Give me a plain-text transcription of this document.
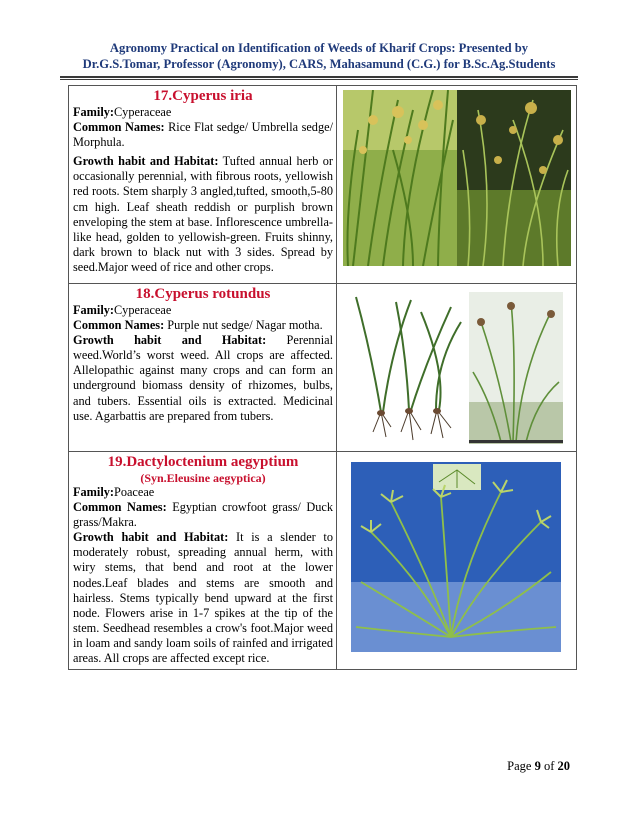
Agronomy Practical on Identification of Weeds of Kharif Crops: Presented by
Dr.G.S.Tomar, Professor (Agronomy), CARS, Mahasamund (C.G.) for B.Sc.Ag.Students
17.Cyperus iria

Family:Cyperaceae

Common Names: Rice Flat sedge/ Umbrella sedge/ Morphula.

Growth habit and Habitat: Tufted annual herb or occasionally perennial, with fibrous roots, yellowish red roots. Stem sharply 3 angled,tufted, smooth,5-80 cm high. Leaf sheath reddish or purplish brown enveloping the stem at base. Inflorescence umbrella-like head, golden to yellowish-green. Fruits shinny, dark brown to black nut with 3 sides. Spread by seed.Major weed of rice and other crops.

18.Cyperus rotundus

Family:Cyperaceae

Common Names: Purple nut sedge/ Nagar motha.

Growth habit and Habitat: Perennial weed.World’s worst weed. All crops are affected. Allelopathic against many crops and can form an underground biomass density of rhizomes, bulbs, and tubers. Essential oils is extracted. Medicinal use. Agarbattis are prepared from tubers.

19.Dactyloctenium aegyptium
(Syn.Eleusine aegyptica)

Family:Poaceae

Common Names: Egyptian crowfoot grass/ Duck grass/Makra.

Growth habit and Habitat: It is a slender to moderately robust, spreading annual herm, with wiry stems, that bend and root at the lower nodes.Leaf blades and stems are smooth and hairless. Stems typically bend upward at the first node. Flowers arise in 1-7 spikes at the tip of the stem. Seedhead resembles a crow's foot.Major weed in loam and sandy loam soils of rainfed and irrigated areas. All crops are affected except rice.

Page 9 of 20
